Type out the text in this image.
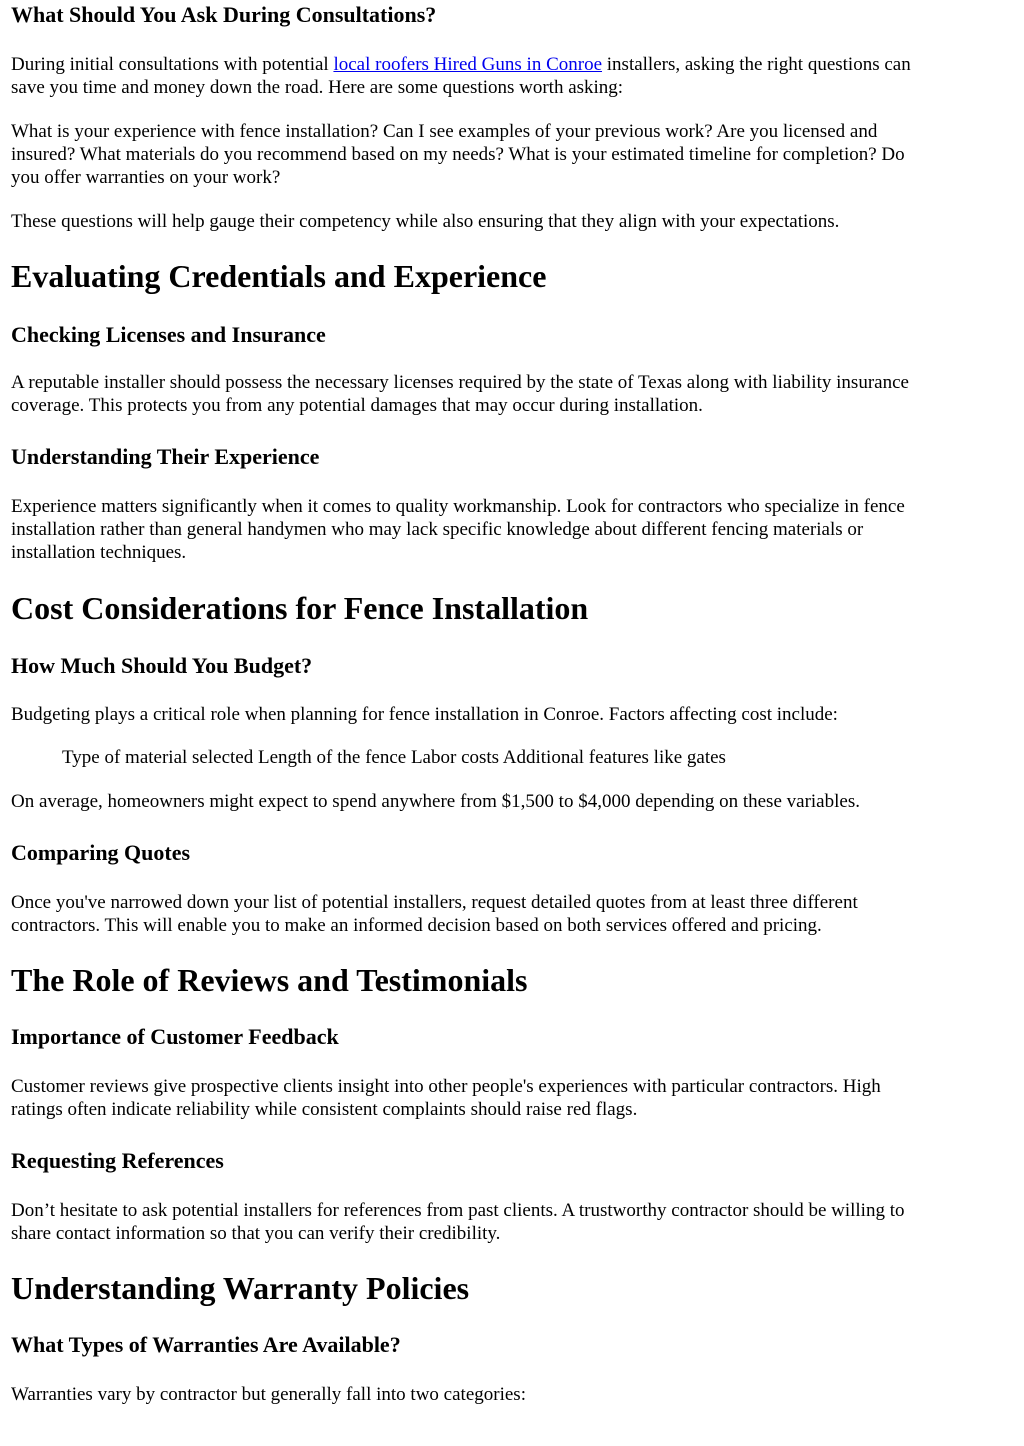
What Should You Ask During Consultations?

During initial consultations with potential local roofers Hired Guns in Conroe installers, asking the right questions can
save you time and money down the road. Here are some questions worth asking:

What is your experience with fence installation? Can I see examples of your previous work? Are you licensed and
insured? What materials do you recommend based on my needs? What is your estimated timeline for completion? Do
you offer warranties on your work?

These questions will help gauge their competency while also ensuring that they align with your expectations.

Evaluating Credentials and Experience
Checking Licenses and Insurance

A reputable installer should possess the necessary licenses required by the state of Texas along with liability insurance
coverage. This protects you from any potential damages that may occur during installation.

Understanding Their Experience

Experience matters significantly when it comes to quality workmanship. Look for contractors who specialize in fence
installation rather than general handymen who may lack specific knowledge about different fencing materials or
installation techniques.

Cost Considerations for Fence Installation
How Much Should You Budget?

Budgeting plays a critical role when planning for fence installation in Conroe. Factors affecting cost include:

Type of material selected Length of the fence Labor costs Additional features like gates

On average, homeowners might expect to spend anywhere from $1,500 to $4,000 depending on these variables.

Comparing Quotes

Once you've narrowed down your list of potential installers, request detailed quotes from at least three different
contractors. This will enable you to make an informed decision based on both services offered and pricing.

The Role of Reviews and Testimonials
Importance of Customer Feedback

Customer reviews give prospective clients insight into other people's experiences with particular contractors. High
ratings often indicate reliability while consistent complaints should raise red flags.

Requesting References

Don’t hesitate to ask potential installers for references from past clients. A trustworthy contractor should be willing to
share contact information so that you can verify their credibility.

Understanding Warranty Policies
What Types of Warranties Are Available?

Warranties vary by contractor but generally fall into two categories:
